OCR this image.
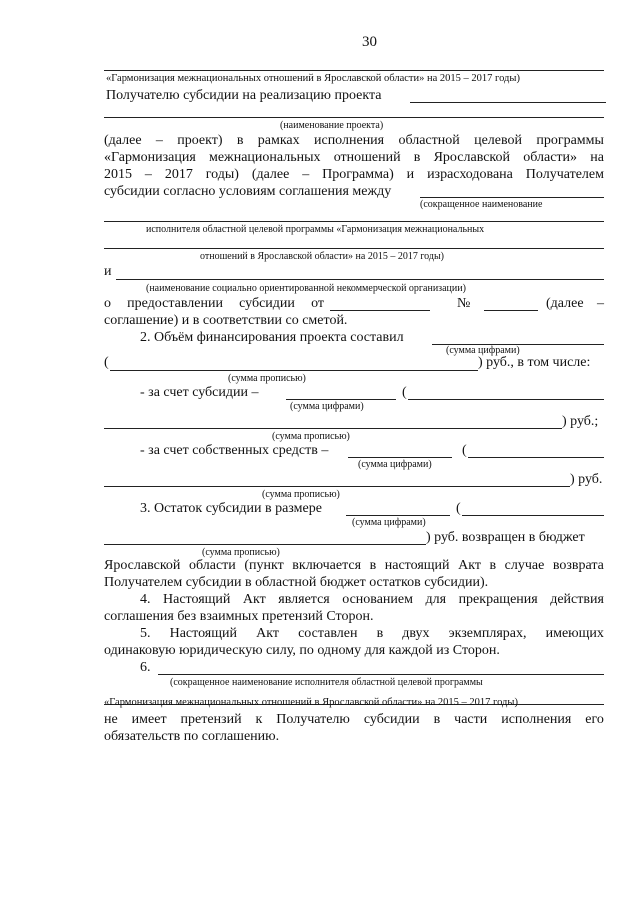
30
«Гармонизация межнациональных отношений в Ярославской области» на 2015 – 2017 годы)
Получателю субсидии на реализацию проекта
(наименование проекта)
(далее – проект) в рамках исполнения областной целевой программы
«Гармонизация межнациональных отношений в Ярославской области» на
2015 – 2017 годы) (далее – Программа) и израсходована Получателем
субсидии согласно условиям соглашения между
(сокращенное наименование
исполнителя областной целевой программы «Гармонизация межнациональных
отношений в Ярославской области» на 2015 – 2017 годы)
и
(наименование социально ориентированной некоммерческой организации)
о предоставлении субсидии от	№	(далее –
соглашение) и в соответствии со сметой.
2. Объём финансирования проекта составил
(сумма цифрами)
(	) руб., в том числе:
(сумма прописью)
- за счет субсидии –	(
(сумма цифрами)
) руб.;
(сумма прописью)
- за счет собственных средств –	(
(сумма цифрами)
) руб.
(сумма прописью)
3. Остаток субсидии в размере	(
(сумма цифрами)
) руб. возвращен в бюджет
(сумма прописью)
Ярославской области (пункт включается в настоящий Акт в случае возврата
Получателем субсидии в областной бюджет остатков субсидии).
4. Настоящий Акт является основанием для прекращения действия
соглашения без взаимных претензий Сторон.
5. Настоящий Акт составлен в двух экземплярах, имеющих
одинаковую юридическую силу, по одному для каждой из Сторон.
6.
(сокращенное наименование исполнителя областной целевой программы
«Гармонизация межнациональных отношений в Ярославской области» на 2015 – 2017 годы)
не имеет претензий к Получателю субсидии в части исполнения его
обязательств по соглашению.
